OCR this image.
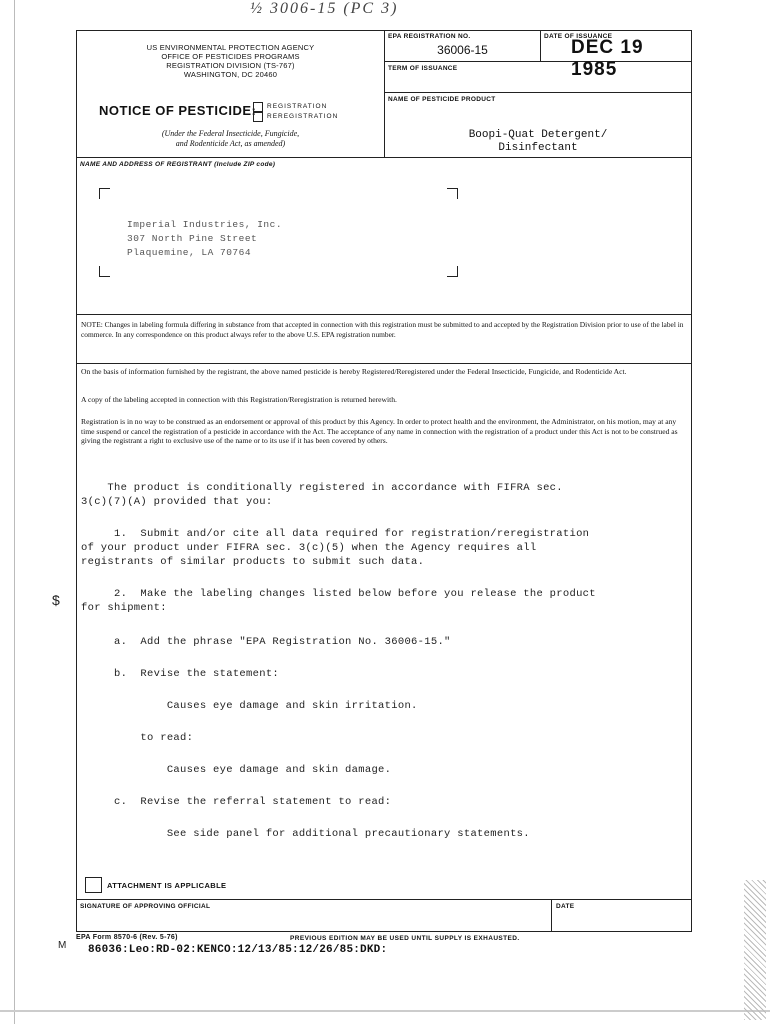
½ 3006-15 (PC 3)
US ENVIRONMENTAL PROTECTION AGENCY
OFFICE OF PESTICIDES PROGRAMS
REGISTRATION DIVISION (TS-767)
WASHINGTON, DC 20460
NOTICE OF PESTICIDE: REGISTRATION
REREGISTRATION
(Under the Federal Insecticide, Fungicide,
and Rodenticide Act, as amended)
EPA REGISTRATION NO.
36006-15
DATE OF ISSUANCE
DEC 19 1985
TERM OF ISSUANCE
NAME OF PESTICIDE PRODUCT
Boopi-Quat Detergent/
Disinfectant
NAME AND ADDRESS OF REGISTRANT (Include ZIP code)
Imperial Industries, Inc.
307 North Pine Street
Plaquemine, LA 70764
NOTE: Changes in labeling formula differing in substance from that accepted in connection with this registration must be submitted to and accepted by the Registration Division prior to use of the label in commerce. In any correspondence on this product always refer to the above U.S. EPA registration number.
On the basis of information furnished by the registrant, the above named pesticide is hereby Registered/Reregistered under the Federal Insecticide, Fungicide, and Rodenticide Act.
A copy of the labeling accepted in connection with this Registration/Reregistration is returned herewith.
Registration is in no way to be construed as an endorsement or approval of this product by this Agency. In order to protect health and the environment, the Administrator, on his motion, may at any time suspend or cancel the registration of a pesticide in accordance with the Act. The acceptance of any name in connection with the registration of a product under this Act is not to be construed as giving the registrant a right to exclusive use of the name or to its use if it has been covered by others.
The product is conditionally registered in accordance with FIFRA sec.
3(c)(7)(A) provided that you:
1.  Submit and/or cite all data required for registration/reregistration
of your product under FIFRA sec. 3(c)(5) when the Agency requires all
registrants of similar products to submit such data.
2.  Make the labeling changes listed below before you release the product
for shipment:
a.  Add the phrase "EPA Registration No. 36006-15."
b.  Revise the statement:
Causes eye damage and skin irritation.
to read:
Causes eye damage and skin damage.
c.  Revise the referral statement to read:
See side panel for additional precautionary statements.
ATTACHMENT IS APPLICABLE
SIGNATURE OF APPROVING OFFICIAL	DATE
EPA Form 8570-6 (Rev. 5-76)	PREVIOUS EDITION MAY BE USED UNTIL SUPPLY IS EXHAUSTED.
86036:Leo:RD-02:KENCO:12/13/85:12/26/85:DKD:
$
M
